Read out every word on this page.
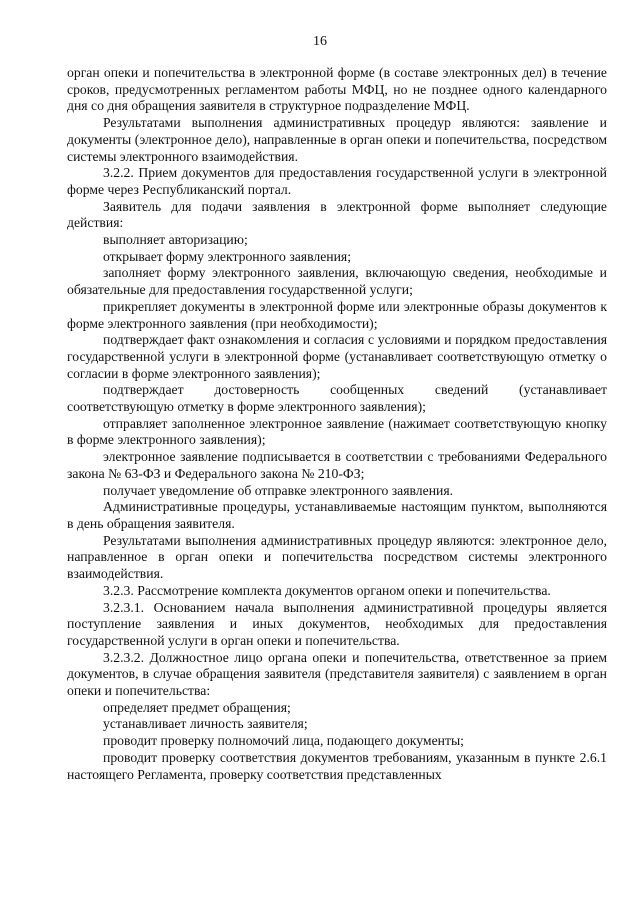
16

орган опеки и попечительства в электронной форме (в составе электронных дел) в течение сроков, предусмотренных регламентом работы МФЦ, но не позднее одного календарного дня со дня обращения заявителя в структурное подразделение МФЦ.

Результатами выполнения административных процедур являются: заявление и документы (электронное дело), направленные в орган опеки и попечительства, посредством системы электронного взаимодействия.

3.2.2. Прием документов для предоставления государственной услуги в электронной форме через Республиканский портал.

Заявитель для подачи заявления в электронной форме выполняет следующие действия:

выполняет авторизацию;

открывает форму электронного заявления;

заполняет форму электронного заявления, включающую сведения, необходимые и обязательные для предоставления государственной услуги;

прикрепляет документы в электронной форме или электронные образы документов к форме электронного заявления (при необходимости);

подтверждает факт ознакомления и согласия с условиями и порядком предоставления государственной услуги в электронной форме (устанавливает соответствующую отметку о согласии в форме электронного заявления);

подтверждает достоверность сообщенных сведений (устанавливает соответствующую отметку в форме электронного заявления);

отправляет заполненное электронное заявление (нажимает соответствующую кнопку в форме электронного заявления);

электронное заявление подписывается в соответствии с требованиями Федерального закона № 63-ФЗ и Федерального закона № 210-ФЗ;

получает уведомление об отправке электронного заявления.

Административные процедуры, устанавливаемые настоящим пунктом, выполняются в день обращения заявителя.

Результатами выполнения административных процедур являются: электронное дело, направленное в орган опеки и попечительства посредством системы электронного взаимодействия.

3.2.3. Рассмотрение комплекта документов органом опеки и попечительства.

3.2.3.1. Основанием начала выполнения административной процедуры является поступление заявления и иных документов, необходимых для предоставления государственной услуги в орган опеки и попечительства.

3.2.3.2. Должностное лицо органа опеки и попечительства, ответственное за прием документов, в случае обращения заявителя (представителя заявителя) с заявлением в орган опеки и попечительства:

определяет предмет обращения;

устанавливает личность заявителя;

проводит проверку полномочий лица, подающего документы;

проводит проверку соответствия документов требованиям, указанным в пункте 2.6.1 настоящего Регламента, проверку соответствия представленных
